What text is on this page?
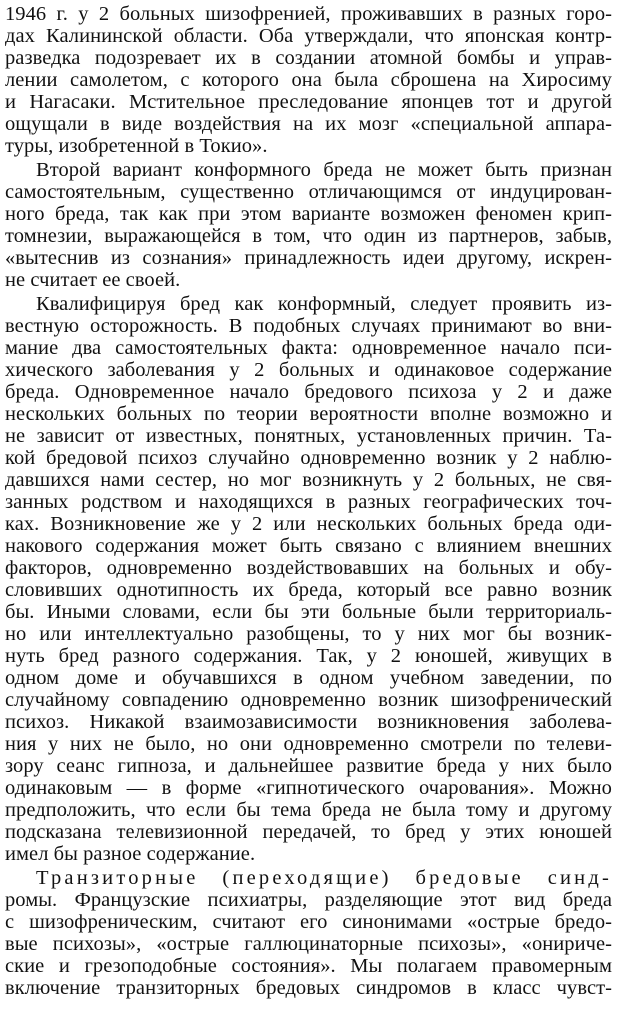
1946 г. у 2 больных шизофренией, проживавших в разных горо-
дах Калининской области. Оба утверждали, что японская контр-
разведка подозревает их в создании атомной бомбы и управ-
лении самолетом, с которого она была сброшена на Хиросиму
и Нагасаки. Мстительное преследование японцев тот и другой
ощущали в виде воздействия на их мозг «специальной аппара-
туры, изобретенной в Токио».
Второй вариант конформного бреда не может быть признан
самостоятельным, существенно отличающимся от индуцирован-
ного бреда, так как при этом варианте возможен феномен крип-
томнезии, выражающейся в том, что один из партнеров, забыв,
«вытеснив из сознания» принадлежность идеи другому, искрен-
не считает ее своей.
Квалифицируя бред как конформный, следует проявить из-
вестную осторожность. В подобных случаях принимают во вни-
мание два самостоятельных факта: одновременное начало пси-
хического заболевания у 2 больных и одинаковое содержание
бреда. Одновременное начало бредового психоза у 2 и даже
нескольких больных по теории вероятности вполне возможно и
не зависит от известных, понятных, установленных причин. Та-
кой бредовой психоз случайно одновременно возник у 2 наблю-
давшихся нами сестер, но мог возникнуть у 2 больных, не свя-
занных родством и находящихся в разных географических точ-
ках. Возникновение же у 2 или нескольких больных бреда оди-
накового содержания может быть связано с влиянием внешних
факторов, одновременно воздействовавших на больных и обу-
словивших однотипность их бреда, который все равно возник
бы. Иными словами, если бы эти больные были территориаль-
но или интеллектуально разобщены, то у них мог бы возник-
нуть бред разного содержания. Так, у 2 юношей, живущих в
одном доме и обучавшихся в одном учебном заведении, по
случайному совпадению одновременно возник шизофренический
психоз. Никакой взаимозависимости возникновения заболева-
ния у них не было, но они одновременно смотрели по телеви-
зору сеанс гипноза, и дальнейшее развитие бреда у них было
одинаковым — в форме «гипнотического очарования». Можно
предположить, что если бы тема бреда не была тому и другому
подсказана телевизионной передачей, то бред у этих юношей
имел бы разное содержание.
Транзиторные (переходящие) бредовые синд-
ромы. Французские психиатры, разделяющие этот вид бреда
с шизофреническим, считают его синонимами «острые бредо-
вые психозы», «острые галлюцинаторные психозы», «онириче-
ские и грезоподобные состояния». Мы полагаем правомерным
включение транзиторных бредовых синдромов в класс чувст-
